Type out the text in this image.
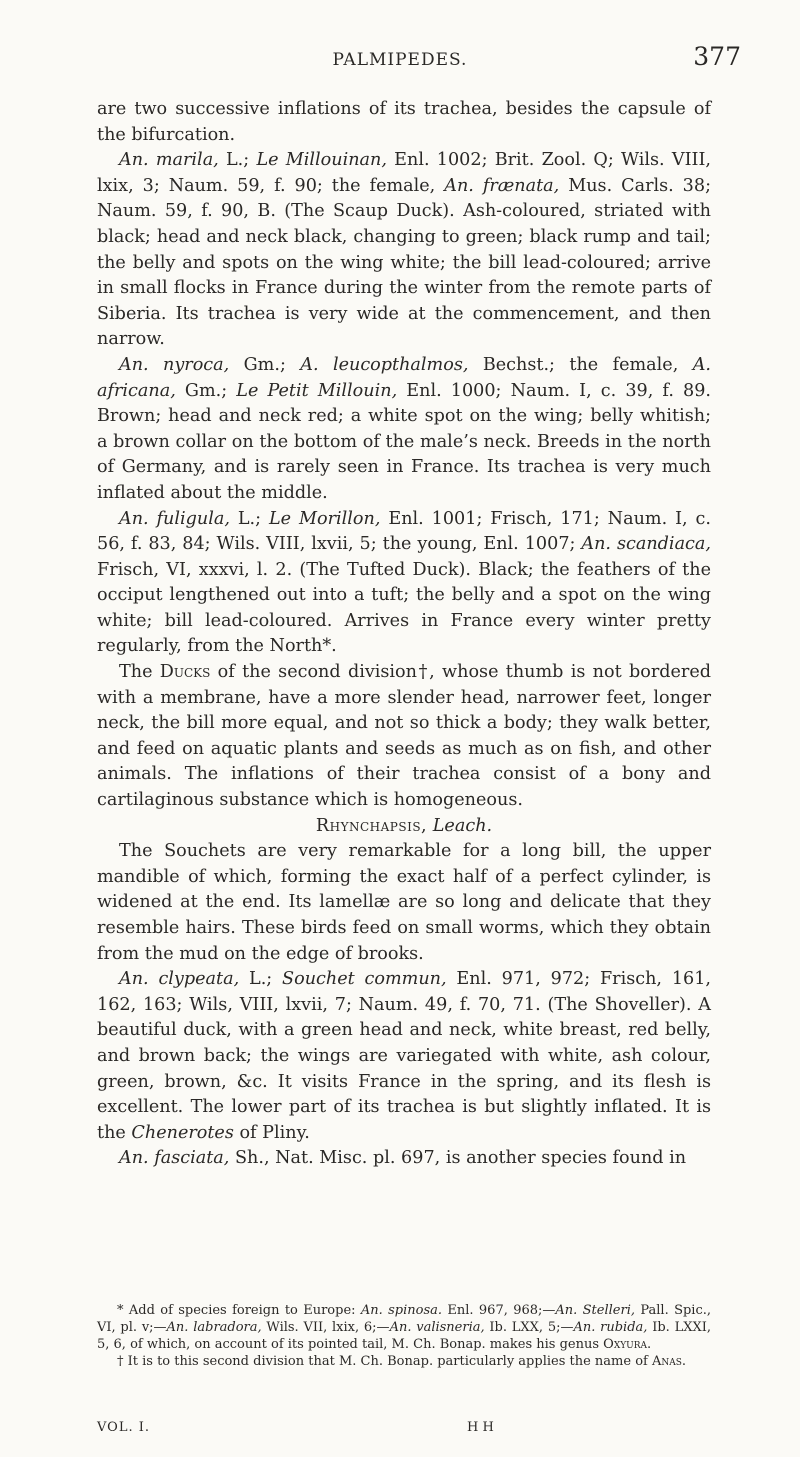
PALMIPEDES.	377

are two successive inflations of its trachea, besides the capsule of the bifurcation.

An. marila, L.; Le Millouinan, Enl. 1002; Brit. Zool. Q; Wils. VIII, lxix, 3; Naum. 59, f. 90; the female, An. frænata, Mus. Carls. 38; Naum. 59, f. 90, B. (The Scaup Duck). Ash-coloured, striated with black; head and neck black, changing to green; black rump and tail; the belly and spots on the wing white; the bill lead-coloured; arrive in small flocks in France during the winter from the remote parts of Siberia. Its trachea is very wide at the commencement, and then narrow.

An. nyroca, Gm.; A. leucopthalmos, Bechst.; the female, A. africana, Gm.; Le Petit Millouin, Enl. 1000; Naum. I, c. 39, f. 89. Brown; head and neck red; a white spot on the wing; belly whitish; a brown collar on the bottom of the male’s neck. Breeds in the north of Germany, and is rarely seen in France. Its trachea is very much inflated about the middle.

An. fuligula, L.; Le Morillon, Enl. 1001; Frisch, 171; Naum. I, c. 56, f. 83, 84; Wils. VIII, lxvii, 5; the young, Enl. 1007; An. scandiaca, Frisch, VI, xxxvi, l. 2. (The Tufted Duck). Black; the feathers of the occiput lengthened out into a tuft; the belly and a spot on the wing white; bill lead-coloured. Arrives in France every winter pretty regularly, from the North*.

The Ducks of the second division†, whose thumb is not bordered with a membrane, have a more slender head, narrower feet, longer neck, the bill more equal, and not so thick a body; they walk better, and feed on aquatic plants and seeds as much as on fish, and other animals. The inflations of their trachea consist of a bony and cartilaginous substance which is homogeneous.

Rhynchapsis, Leach.

The Souchets are very remarkable for a long bill, the upper mandible of which, forming the exact half of a perfect cylinder, is widened at the end. Its lamellæ are so long and delicate that they resemble hairs. These birds feed on small worms, which they obtain from the mud on the edge of brooks.

An. clypeata, L.; Souchet commun, Enl. 971, 972; Frisch, 161, 162, 163; Wils, VIII, lxvii, 7; Naum. 49, f. 70, 71. (The Shoveller). A beautiful duck, with a green head and neck, white breast, red belly, and brown back; the wings are variegated with white, ash colour, green, brown, &c. It visits France in the spring, and its flesh is excellent. The lower part of its trachea is but slightly inflated. It is the Chenerotes of Pliny.

An. fasciata, Sh., Nat. Misc. pl. 697, is another species found in

* Add of species foreign to Europe: An. spinosa. Enl. 967, 968;—An. Stelleri, Pall. Spic., VI, pl. v;—An. labradora, Wils. VII, lxix, 6;—An. valisneria, Ib. LXX, 5;—An. rubida, Ib. LXXI, 5, 6, of which, on account of its pointed tail, M. Ch. Bonap. makes his genus Oxyura.

† It is to this second division that M. Ch. Bonap. particularly applies the name of Anas.

VOL. I.	H H
